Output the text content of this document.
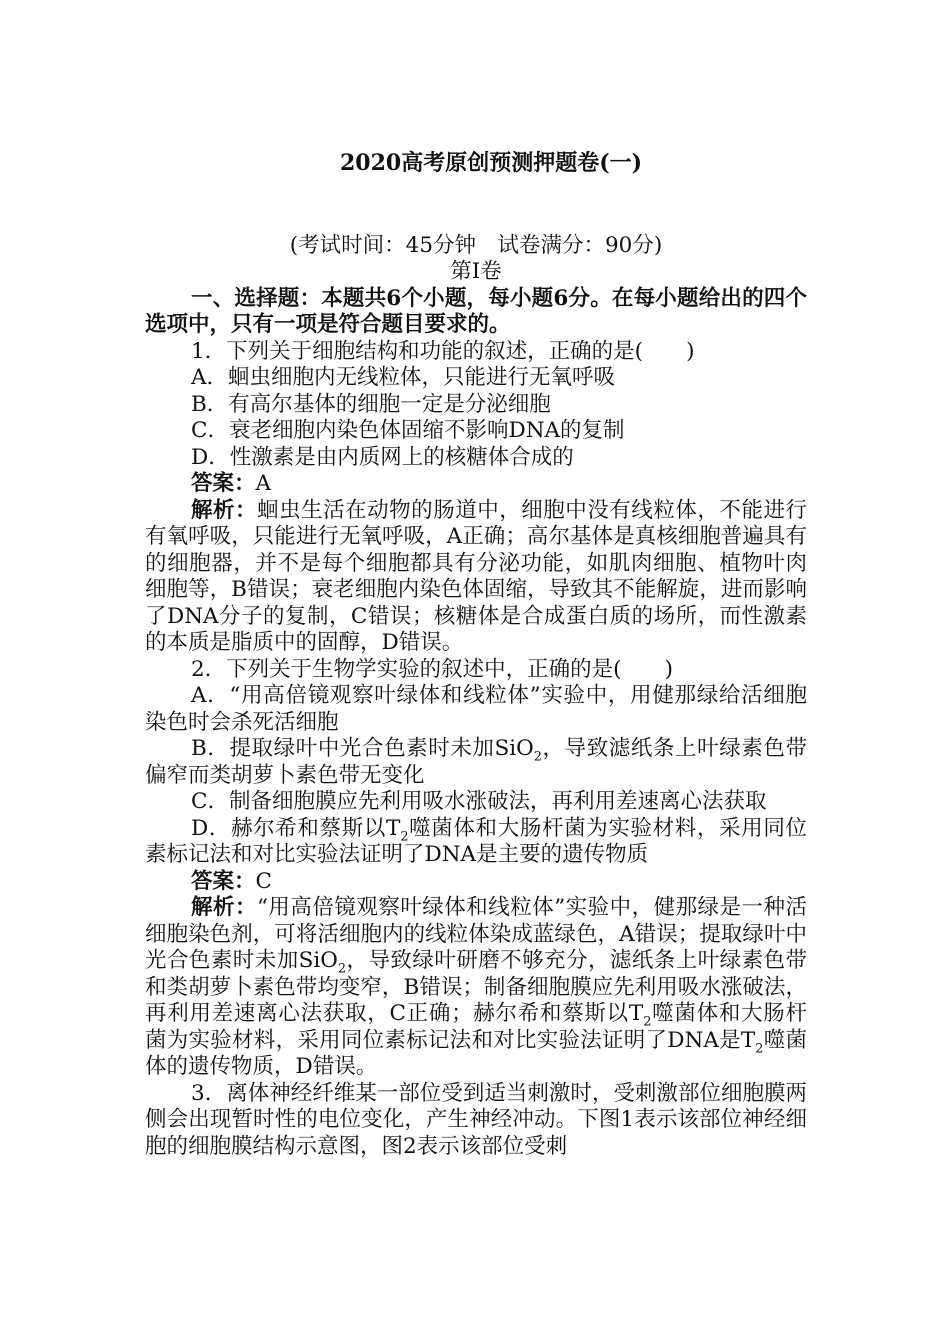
2020高考原创预测押题卷(一)
(考试时间：45分钟　试卷满分：90分)
第Ⅰ卷

一、选择题：本题共6个小题，每小题6分。在每小题给出的四个选项中，只有一项是符合题目要求的。

1．下列关于细胞结构和功能的叙述，正确的是(　　)

A．蛔虫细胞内无线粒体，只能进行无氧呼吸

B．有高尔基体的细胞一定是分泌细胞

C．衰老细胞内染色体固缩不影响DNA的复制

D．性激素是由内质网上的核糖体合成的

答案：A

解析：蛔虫生活在动物的肠道中，细胞中没有线粒体，不能进行有氧呼吸，只能进行无氧呼吸，A正确；高尔基体是真核细胞普遍具有的细胞器，并不是每个细胞都具有分泌功能，如肌肉细胞、植物叶肉细胞等，B错误；衰老细胞内染色体固缩，导致其不能解旋，进而影响了DNA分子的复制，C错误；核糖体是合成蛋白质的场所，而性激素的本质是脂质中的固醇，D错误。

2．下列关于生物学实验的叙述中，正确的是(　　)

A．“用高倍镜观察叶绿体和线粒体”实验中，用健那绿给活细胞染色时会杀死活细胞

B．提取绿叶中光合色素时未加SiO$_2$，导致滤纸条上叶绿素色带偏窄而类胡萝卜素色带无变化

C．制备细胞膜应先利用吸水涨破法，再利用差速离心法获取

D．赫尔希和蔡斯以$T_2$噬菌体和大肠杆菌为实验材料，采用同位素标记法和对比实验法证明了DNA是主要的遗传物质

答案：C

解析：“用高倍镜观察叶绿体和线粒体”实验中，健那绿是一种活细胞染色剂，可将活细胞内的线粒体染成蓝绿色，A错误；提取绿叶中光合色素时未加SiO$_2$，导致绿叶研磨不够充分，滤纸条上叶绿素色带和类胡萝卜素色带均变窄，B错误；制备细胞膜应先利用吸水涨破法，再利用差速离心法获取，C正确；赫尔希和蔡斯以$T_2$噬菌体和大肠杆菌为实验材料，采用同位素标记法和对比实验法证明了DNA是$T_2$噬菌体的遗传物质，D错误。

3．离体神经纤维某一部位受到适当刺激时，受刺激部位细胞膜两侧会出现暂时性的电位变化，产生神经冲动。下图1表示该部位神经细胞的细胞膜结构示意图，图2表示该部位受刺
